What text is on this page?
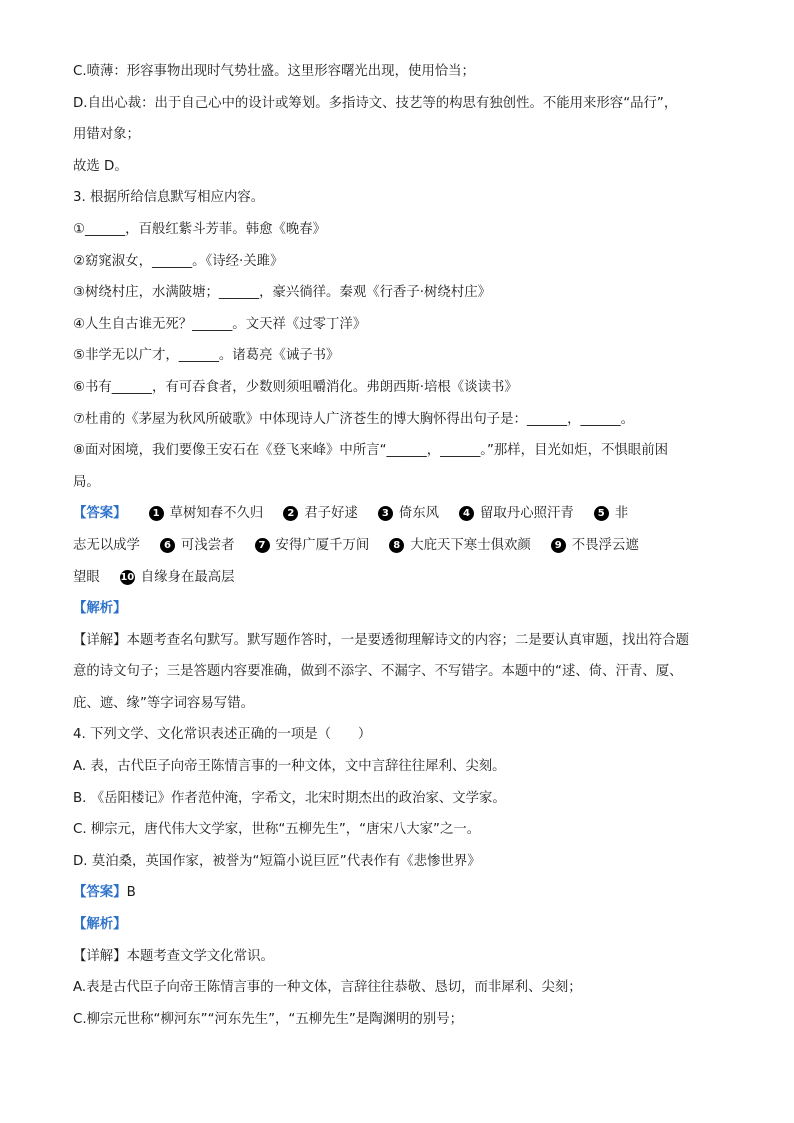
C.喷薄：形容事物出现时气势壮盛。这里形容曙光出现，使用恰当；
D.自出心裁：出于自己心中的设计或筹划。多指诗文、技艺等的构思有独创性。不能用来形容“品行”，
用错对象；
故选 D。
3. 根据所给信息默写相应内容。
①______，百般红紫斗芳菲。韩愈《晚春》
②窈窕淑女，______。《诗经·关雎》
③树绕村庄，水满陂塘；______，豪兴徜徉。秦观《行香子·树绕村庄》
④人生自古谁无死？______。文天祥《过零丁洋》
⑤非学无以广才，______。诸葛亮《诫子书》
⑥书有______，有可吞食者，少数则须咀嚼消化。弗朗西斯·培根《谈读书》
⑦杜甫的《茅屋为秋风所破歌》中体现诗人广济苍生的博大胸怀得出句子是：______，______。
⑧面对困境，我们要像王安石在《登飞来峰》中所言“______，______。”那样，目光如炬，不惧眼前困
局。
【答案】	1 草树知春不久归	2 君子好逑	3 倚东风	4 留取丹心照汗青	5 非
志无以成学	6 可浅尝者	7 安得广厦千万间	8 大庇天下寒士俱欢颜	9 不畏浮云遮
望眼 10 自缘身在最高层
【解析】
【详解】本题考查名句默写。默写题作答时，一是要透彻理解诗文的内容；二是要认真审题，找出符合题
意的诗文句子；三是答题内容要准确，做到不添字、不漏字、不写错字。本题中的“逑、倚、汗青、厦、
庇、遮、缘”等字词容易写错。
4. 下列文学、文化常识表述正确的一项是（　　）
A. 表，古代臣子向帝王陈情言事的一种文体，文中言辞往往犀利、尖刻。
B. 《岳阳楼记》作者范仲淹，字希文，北宋时期杰出的政治家、文学家。
C. 柳宗元，唐代伟大文学家，世称“五柳先生”，“唐宋八大家”之一。
D. 莫泊桑，英国作家，被誉为“短篇小说巨匠”代表作有《悲惨世界》
【答案】B
【解析】
【详解】本题考查文学文化常识。
A.表是古代臣子向帝王陈情言事的一种文体，言辞往往恭敬、恳切，而非犀利、尖刻；
C.柳宗元世称“柳河东”“河东先生”，“五柳先生”是陶渊明的别号；
